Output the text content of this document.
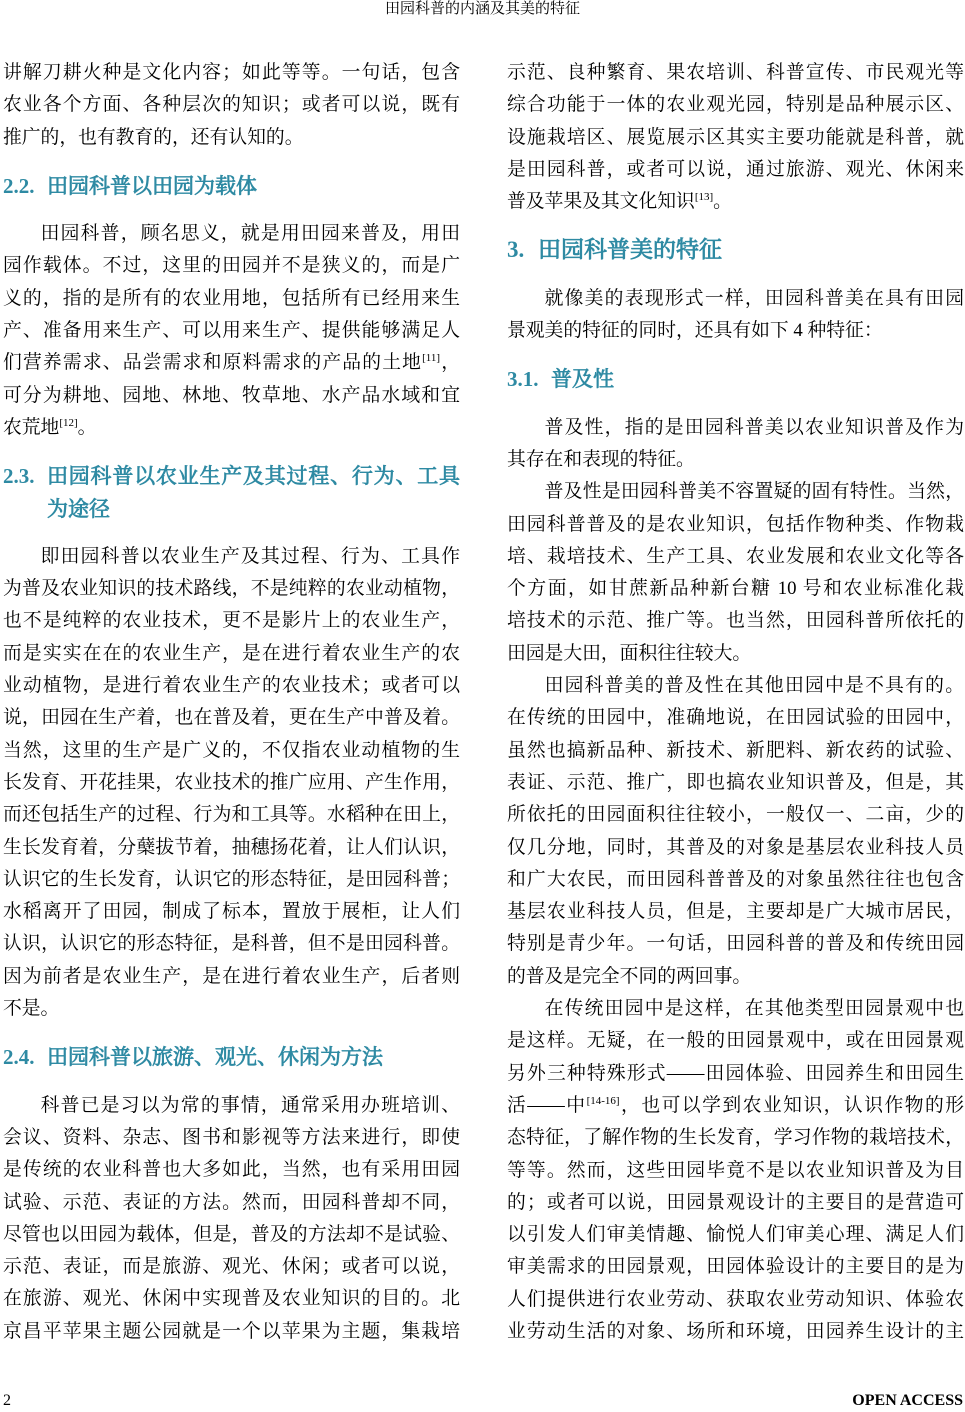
田园科普的内涵及其美的特征
讲解刀耕火种是文化内容；如此等等。一句话，包含
农业各个方面、各种层次的知识；或者可以说，既有
推广的，也有教育的，还有认知的。
2.2. 田园科普以田园为载体
田园科普，顾名思义，就是用田园来普及，用田
园作载体。不过，这里的田园并不是狭义的，而是广
义的，指的是所有的农业用地，包括所有已经用来生
产、准备用来生产、可以用来生产、提供能够满足人
们营养需求、品尝需求和原料需求的产品的土地[11]，
可分为耕地、园地、林地、牧草地、水产品水域和宜
农荒地[12]。
2.3. 田园科普以农业生产及其过程、行为、工具
为途径
即田园科普以农业生产及其过程、行为、工具作
为普及农业知识的技术路线，不是纯粹的农业动植物，
也不是纯粹的农业技术，更不是影片上的农业生产，
而是实实在在的农业生产，是在进行着农业生产的农
业动植物，是进行着农业生产的农业技术；或者可以
说，田园在生产着，也在普及着，更在生产中普及着。
当然，这里的生产是广义的，不仅指农业动植物的生
长发育、开花挂果，农业技术的推广应用、产生作用，
而还包括生产的过程、行为和工具等。水稻种在田上，
生长发育着，分蘖拔节着，抽穗扬花着，让人们认识，
认识它的生长发育，认识它的形态特征，是田园科普；
水稻离开了田园，制成了标本，置放于展柜，让人们
认识，认识它的形态特征，是科普，但不是田园科普。
因为前者是农业生产，是在进行着农业生产，后者则
不是。
2.4. 田园科普以旅游、观光、休闲为方法
科普已是习以为常的事情，通常采用办班培训、
会议、资料、杂志、图书和影视等方法来进行，即使
是传统的农业科普也大多如此，当然，也有采用田园
试验、示范、表证的方法。然而，田园科普却不同，
尽管也以田园为载体，但是，普及的方法却不是试验、
示范、表证，而是旅游、观光、休闲；或者可以说，
在旅游、观光、休闲中实现普及农业知识的目的。北
京昌平苹果主题公园就是一个以苹果为主题，集栽培
示范、良种繁育、果农培训、科普宣传、市民观光等
综合功能于一体的农业观光园，特别是品种展示区、
设施栽培区、展览展示区其实主要功能就是科普，就
是田园科普，或者可以说，通过旅游、观光、休闲来
普及苹果及其文化知识[13]。
3. 田园科普美的特征
就像美的表现形式一样，田园科普美在具有田园
景观美的特征的同时，还具有如下 4 种特征：
3.1. 普及性
普及性，指的是田园科普美以农业知识普及作为
其存在和表现的特征。
普及性是田园科普美不容置疑的固有特性。当然，
田园科普普及的是农业知识，包括作物种类、作物栽
培、栽培技术、生产工具、农业发展和农业文化等各
个方面，如甘蔗新品种新台糖 10 号和农业标准化栽
培技术的示范、推广等。也当然，田园科普所依托的
田园是大田，面积往往较大。
田园科普美的普及性在其他田园中是不具有的。
在传统的田园中，准确地说，在田园试验的田园中，
虽然也搞新品种、新技术、新肥料、新农药的试验、
表证、示范、推广，即也搞农业知识普及，但是，其
所依托的田园面积往往较小，一般仅一、二亩，少的
仅几分地，同时，其普及的对象是基层农业科技人员
和广大农民，而田园科普普及的对象虽然往往也包含
基层农业科技人员，但是，主要却是广大城市居民，
特别是青少年。一句话，田园科普的普及和传统田园
的普及是完全不同的两回事。
在传统田园中是这样，在其他类型田园景观中也
是这样。无疑，在一般的田园景观中，或在田园景观
另外三种特殊形式——田园体验、田园养生和田园生
活——中[14-16]，也可以学到农业知识，认识作物的形
态特征，了解作物的生长发育，学习作物的栽培技术，
等等。然而，这些田园毕竟不是以农业知识普及为目
的；或者可以说，田园景观设计的主要目的是营造可
以引发人们审美情趣、愉悦人们审美心理、满足人们
审美需求的田园景观，田园体验设计的主要目的是为
人们提供进行农业劳动、获取农业劳动知识、体验农
业劳动生活的对象、场所和环境，田园养生设计的主
2	OPEN ACCESS
